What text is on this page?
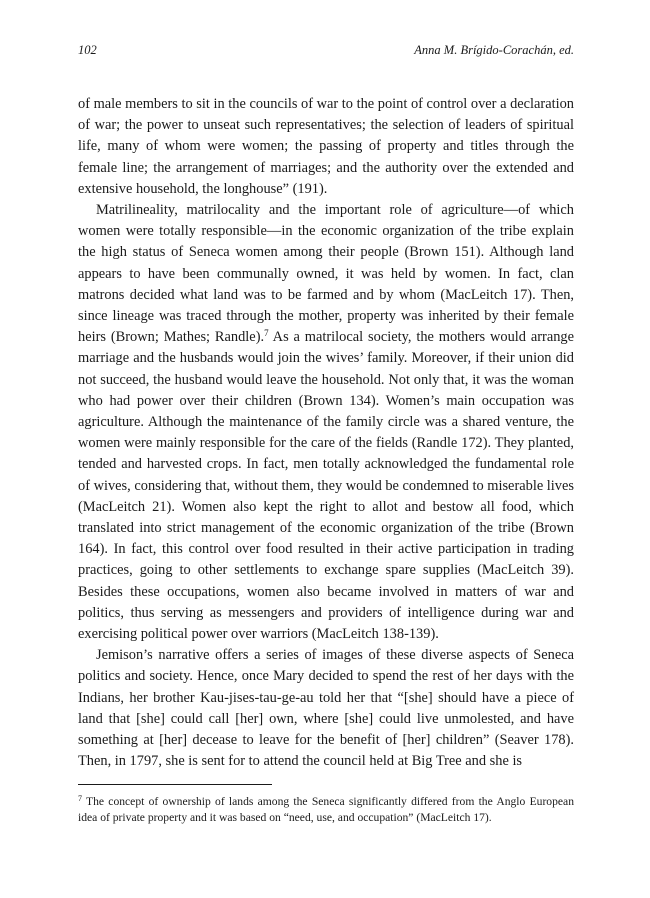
102	Anna M. Brígido-Corachán, ed.

of male members to sit in the councils of war to the point of control over a declaration of war; the power to unseat such representatives; the selection of leaders of spiritual life, many of whom were women; the passing of property and titles through the female line; the arrangement of marriages; and the authority over the extended and extensive household, the longhouse” (191).

Matrilineality, matrilocality and the important role of agriculture—of which women were totally responsible—in the economic organization of the tribe explain the high status of Seneca women among their people (Brown 151). Although land appears to have been communally owned, it was held by women. In fact, clan matrons decided what land was to be farmed and by whom (MacLeitch 17). Then, since lineage was traced through the mother, property was inherited by their female heirs (Brown; Mathes; Randle).$^7$ As a matrilocal society, the mothers would arrange marriage and the husbands would join the wives’ family. Moreover, if their union did not succeed, the husband would leave the household. Not only that, it was the woman who had power over their children (Brown 134). Women’s main occupation was agriculture. Although the maintenance of the family circle was a shared venture, the women were mainly responsible for the care of the fields (Randle 172). They planted, tended and harvested crops. In fact, men totally acknowledged the fundamental role of wives, considering that, without them, they would be condemned to miserable lives (MacLeitch 21). Women also kept the right to allot and bestow all food, which translated into strict management of the economic organization of the tribe (Brown 164). In fact, this control over food resulted in their active participation in trading practices, going to other settlements to exchange spare supplies (MacLeitch 39). Besides these occupations, women also became involved in matters of war and politics, thus serving as messengers and providers of intelligence during war and exercising political power over warriors (MacLeitch 138-139).

Jemison’s narrative offers a series of images of these diverse aspects of Seneca politics and society. Hence, once Mary decided to spend the rest of her days with the Indians, her brother Kau-jises-tau-ge-au told her that “[she] should have a piece of land that [she] could call [her] own, where [she] could live unmolested, and have something at [her] decease to leave for the benefit of [her] children” (Seaver 178). Then, in 1797, she is sent for to attend the council held at Big Tree and she is

$^7$ The concept of ownership of lands among the Seneca significantly differed from the Anglo European idea of private property and it was based on “need, use, and occupation” (MacLeitch 17).
